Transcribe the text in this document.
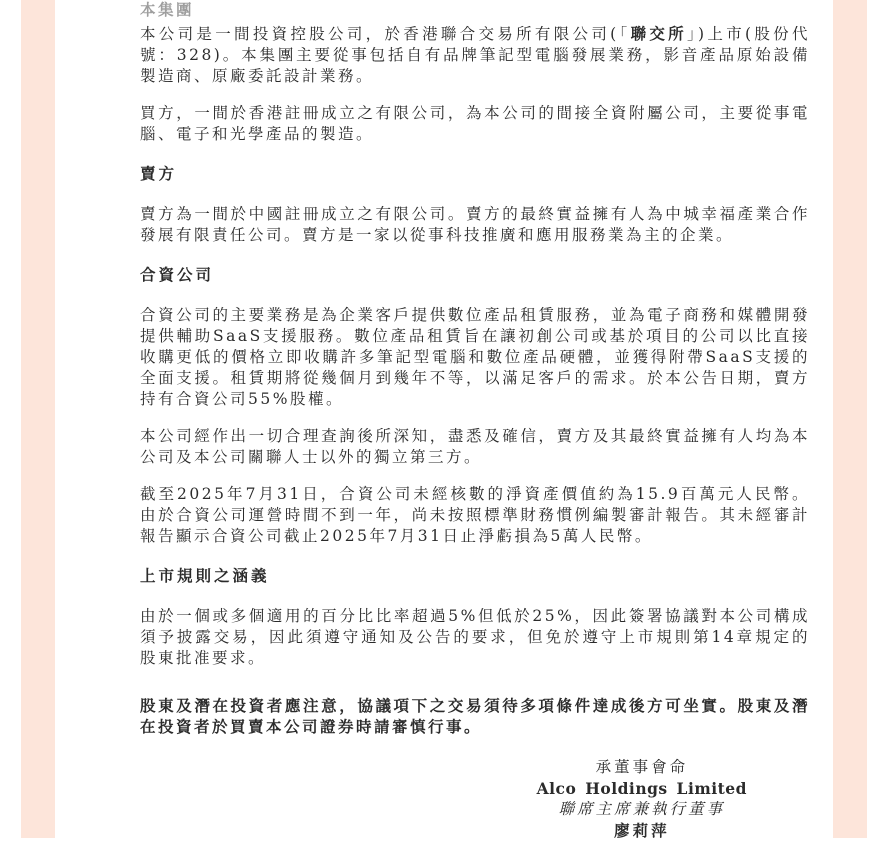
本集團
本公司是一間投資控股公司，於香港聯合交易所有限公司(「聯交所」)上市(股份代號：328)。本集團主要從事包括自有品牌筆記型電腦發展業務，影音產品原始設備製造商、原廠委託設計業務。
買方，一間於香港註冊成立之有限公司，為本公司的間接全資附屬公司，主要從事電腦、電子和光學產品的製造。
賣方
賣方為一間於中國註冊成立之有限公司。賣方的最終實益擁有人為中城幸福產業合作發展有限責任公司。賣方是一家以從事科技推廣和應用服務業為主的企業。
合資公司
合資公司的主要業務是為企業客戶提供數位產品租賃服務，並為電子商務和媒體開發提供輔助SaaS支援服務。數位產品租賃旨在讓初創公司或基於項目的公司以比直接收購更低的價格立即收購許多筆記型電腦和數位產品硬體，並獲得附帶SaaS支援的全面支援。租賃期將從幾個月到幾年不等，以滿足客戶的需求。於本公告日期，賣方持有合資公司55%股權。
本公司經作出一切合理查詢後所深知，盡悉及確信，賣方及其最終實益擁有人均為本公司及本公司關聯人士以外的獨立第三方。
截至2025年7月31日，合資公司未經核數的淨資產價值約為15.9百萬元人民幣。由於合資公司運營時間不到一年，尚未按照標準財務慣例編製審計報告。其未經審計報告顯示合資公司截止2025年7月31日止淨虧損為5萬人民幣。
上市規則之涵義
由於一個或多個適用的百分比比率超過5%但低於25%，因此簽署協議對本公司構成須予披露交易，因此須遵守通知及公告的要求，但免於遵守上市規則第14章規定的股東批准要求。
股東及潛在投資者應注意，協議項下之交易須待多項條件達成後方可坐實。股東及潛在投資者於買賣本公司證券時請審慎行事。
承董事會命
Alco Holdings Limited
聯席主席兼執行董事
廖莉萍
